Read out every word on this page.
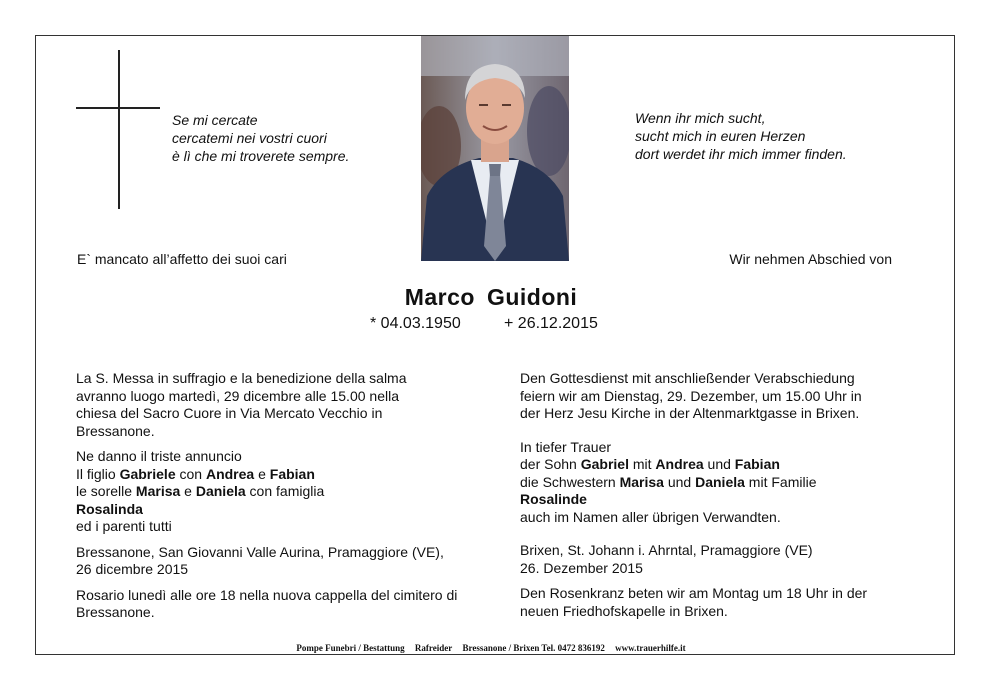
Se mi cercate
cercatemi nei vostri cuori
è lì che mi troverete sempre.
Wenn ihr mich sucht,
sucht mich in euren Herzen
dort werdet ihr mich immer finden.
E` mancato all’affetto dei suoi cari	Wir nehmen Abschied von
Marco Guidoni
* 04.03.1950	+ 26.12.2015
La S. Messa in suffragio e la benedizione della salma
avranno luogo martedì, 29 dicembre alle 15.00 nella
chiesa del Sacro Cuore in Via Mercato Vecchio in
Bressanone.
Ne danno il triste annuncio
Il figlio Gabriele con Andrea e Fabian
le sorelle Marisa e Daniela con famiglia
Rosalinda
ed i parenti tutti
Bressanone, San Giovanni Valle Aurina, Pramaggiore (VE),
26 dicembre 2015
Rosario lunedì alle ore 18 nella nuova cappella del cimitero di
Bressanone.
Den Gottesdienst mit anschließender Verabschiedung
feiern wir am Dienstag, 29. Dezember, um 15.00 Uhr in
der Herz Jesu Kirche in der Altenmarktgasse in Brixen.
In tiefer Trauer
der Sohn Gabriel mit Andrea und Fabian
die Schwestern Marisa und Daniela mit Familie
Rosalinde
auch im Namen aller übrigen Verwandten.
Brixen, St. Johann i. Ahrntal, Pramaggiore (VE)
26. Dezember 2015
Den Rosenkranz beten wir am Montag um 18 Uhr in der
neuen Friedhofskapelle in Brixen.
Pompe Funebri / Bestattung Rafreider Bressanone / Brixen Tel. 0472 836192 www.trauerhilfe.it
